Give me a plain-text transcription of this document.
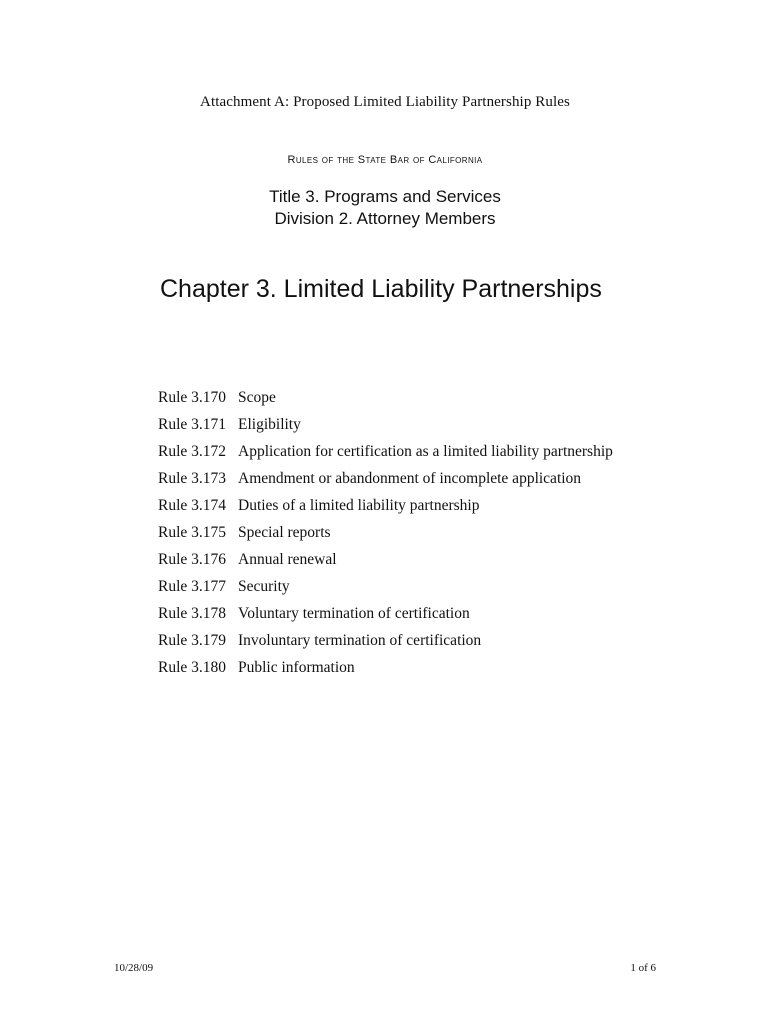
Attachment A: Proposed Limited Liability Partnership Rules
Rules of the State Bar of California
Title 3. Programs and Services
Division 2. Attorney Members
Chapter 3. Limited Liability Partnerships
Rule 3.170 Scope
Rule 3.171 Eligibility
Rule 3.172 Application for certification as a limited liability partnership
Rule 3.173 Amendment or abandonment of incomplete application
Rule 3.174 Duties of a limited liability partnership
Rule 3.175 Special reports
Rule 3.176 Annual renewal
Rule 3.177 Security
Rule 3.178 Voluntary termination of certification
Rule 3.179 Involuntary termination of certification
Rule 3.180 Public information
10/28/09	1 of 6
